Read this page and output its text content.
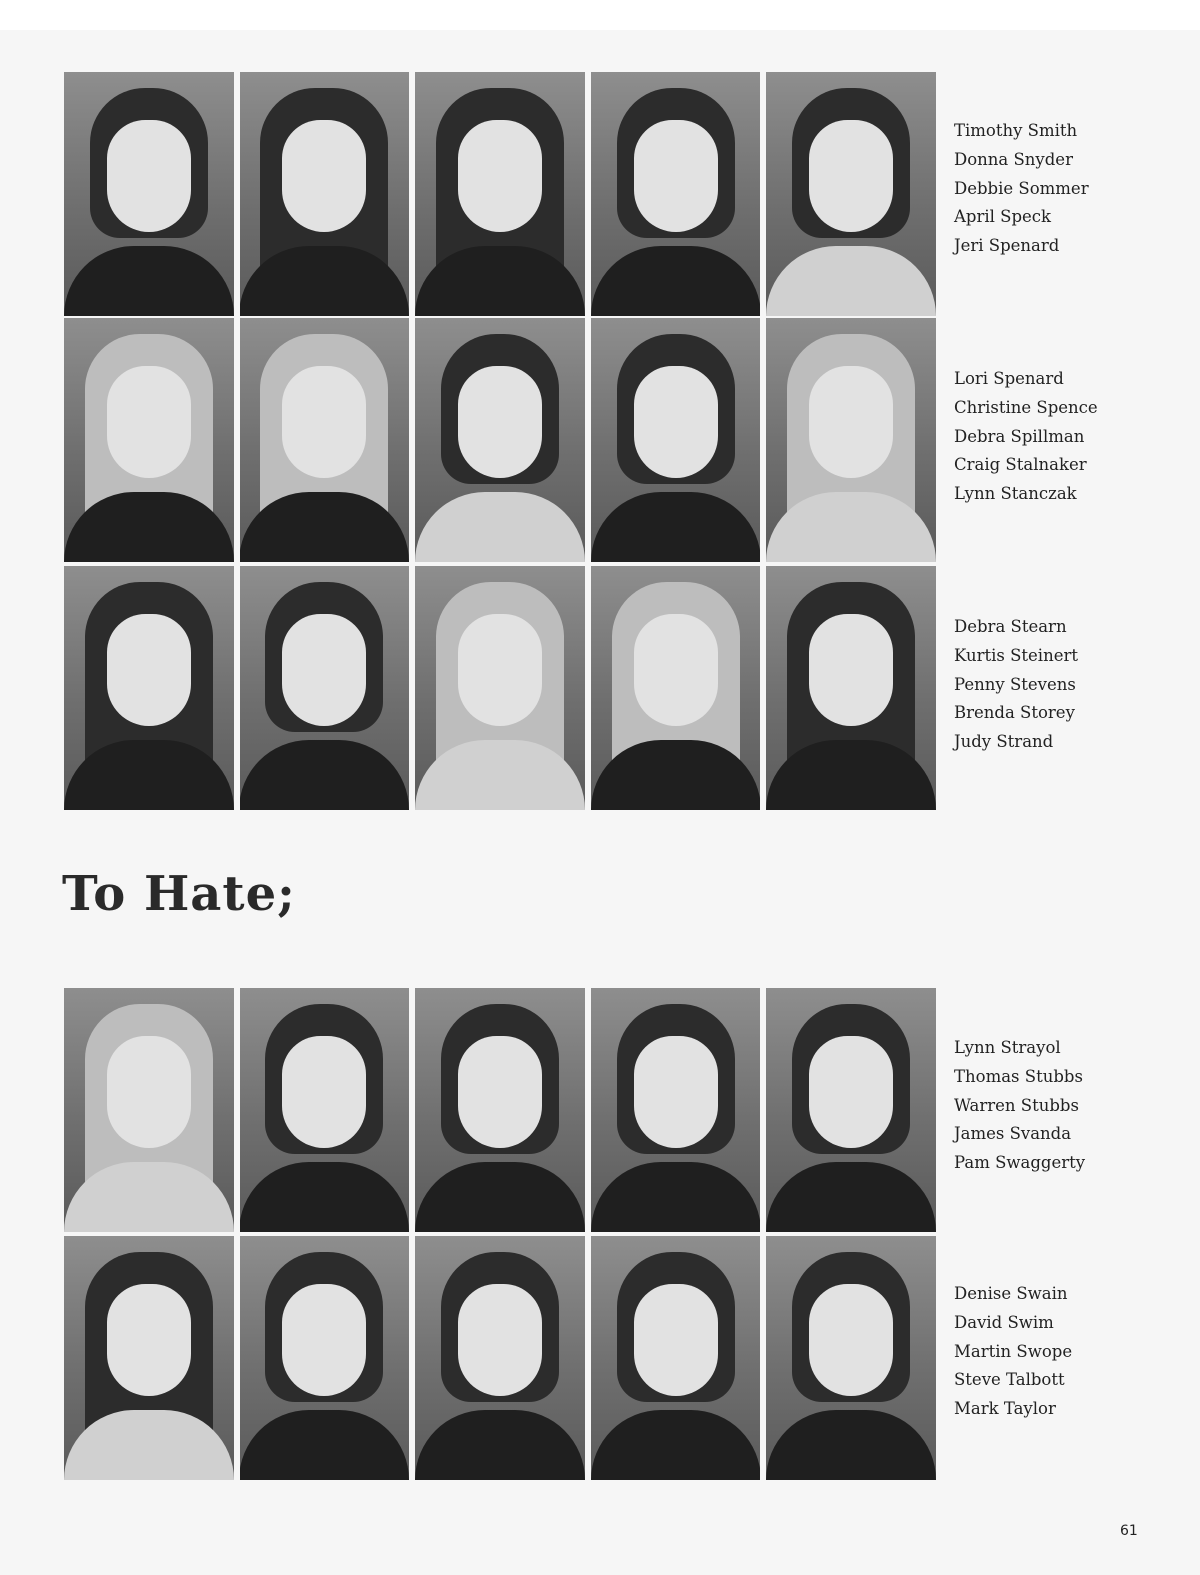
Timothy Smith
Donna Snyder
Debbie Sommer
April Speck
Jeri Spenard
Lori Spenard
Christine Spence
Debra Spillman
Craig Stalnaker
Lynn Stanczak
Debra Stearn
Kurtis Steinert
Penny Stevens
Brenda Storey
Judy Strand
To Hate;
Lynn Strayol
Thomas Stubbs
Warren Stubbs
James Svanda
Pam Swaggerty
Denise Swain
David Swim
Martin Swope
Steve Talbott
Mark Taylor
61
